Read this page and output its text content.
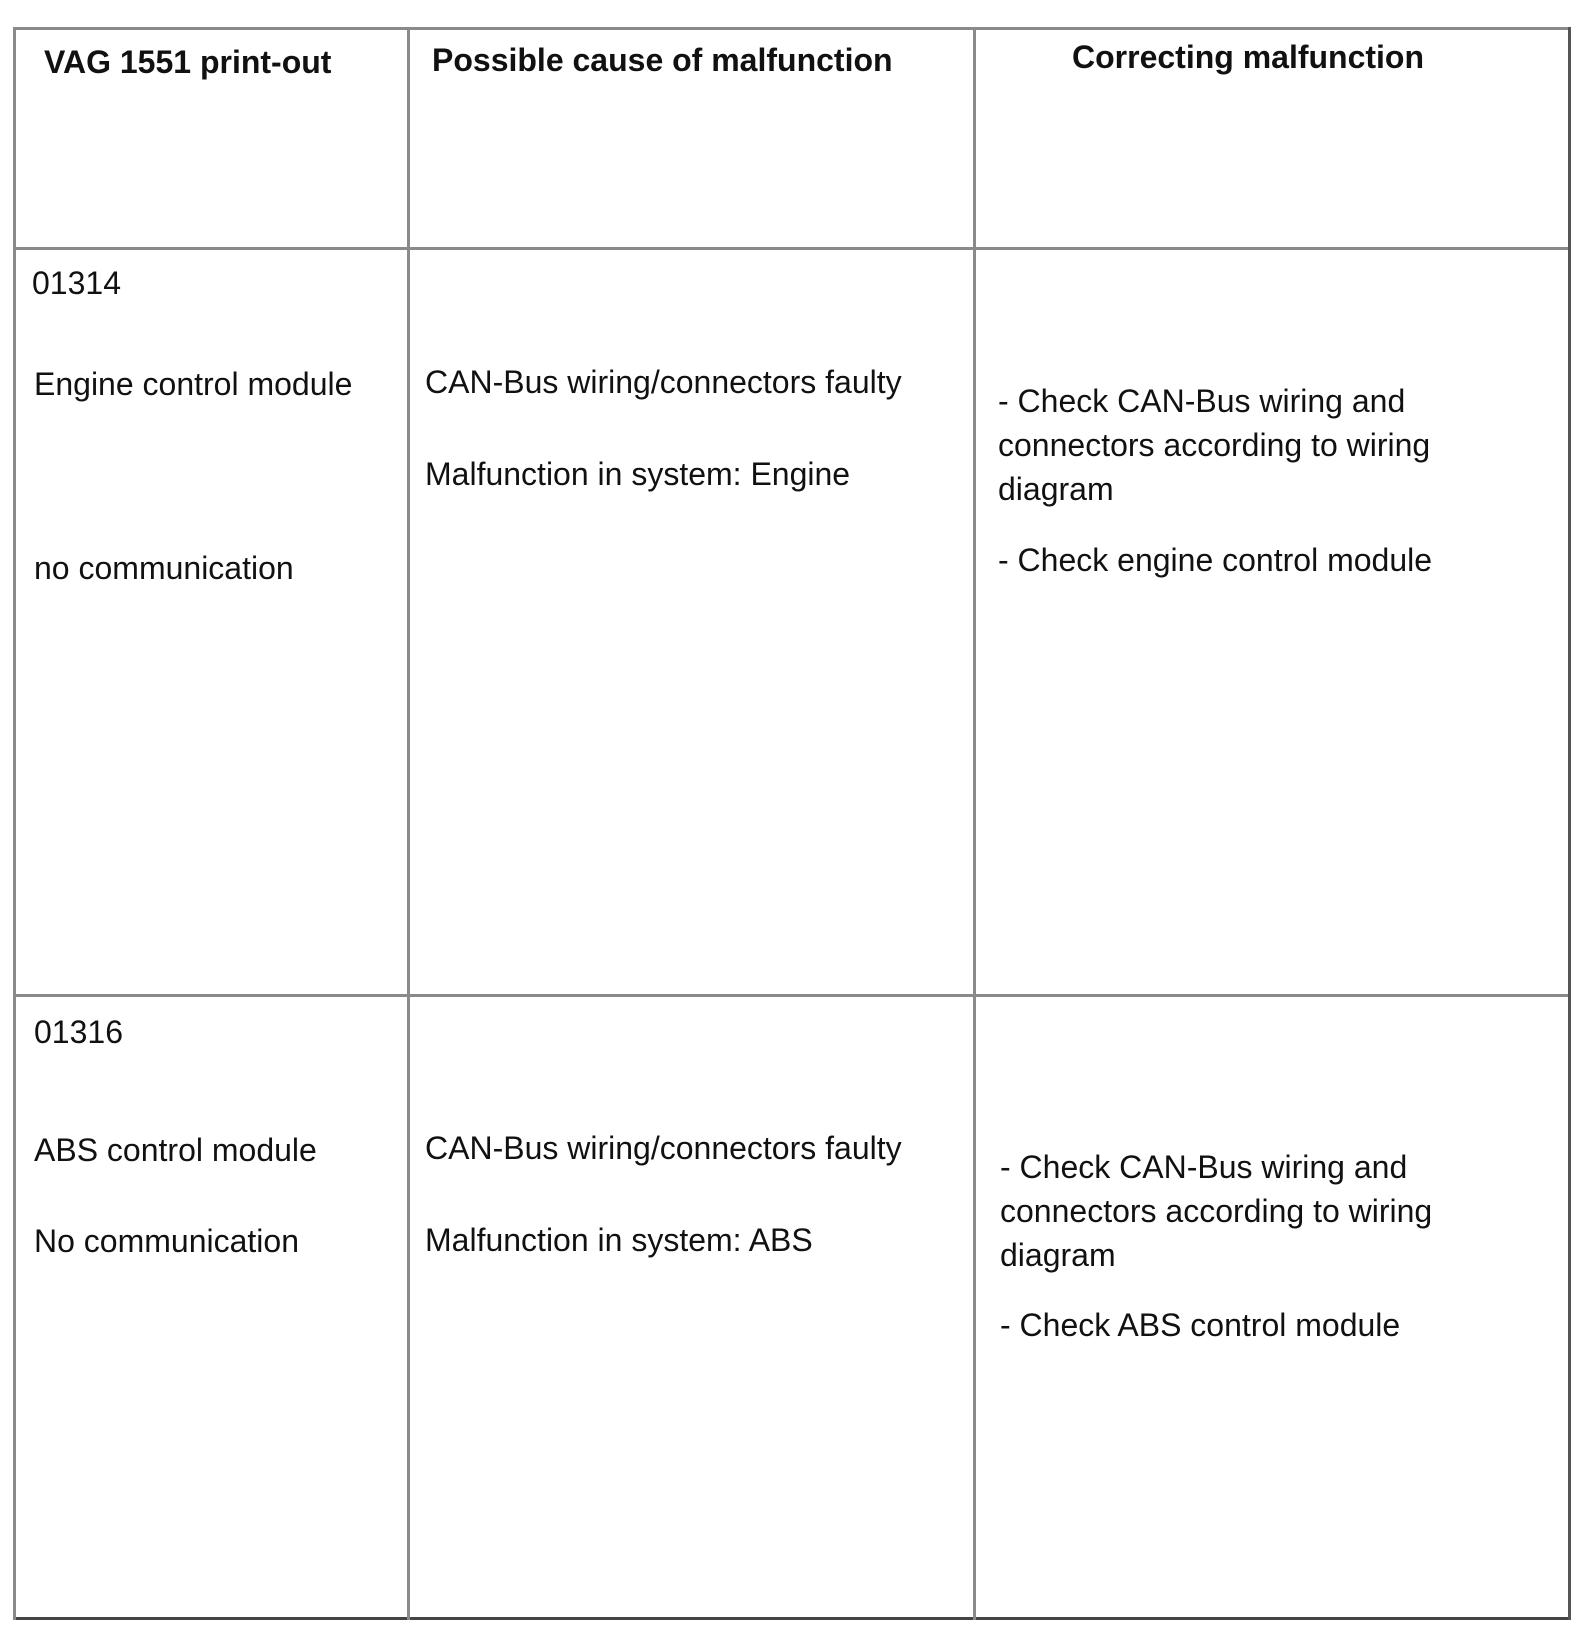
VAG 1551 print-out	Possible cause of malfunction	Correcting malfunction
01314
Engine control module
no communication
CAN-Bus wiring/connectors faulty
Malfunction in system: Engine
- Check CAN-Bus wiring and
connectors according to wiring
diagram
- Check engine control module
01316
ABS control module
No communication
CAN-Bus wiring/connectors faulty
Malfunction in system: ABS
- Check CAN-Bus wiring and
connectors according to wiring
diagram
- Check ABS control module
